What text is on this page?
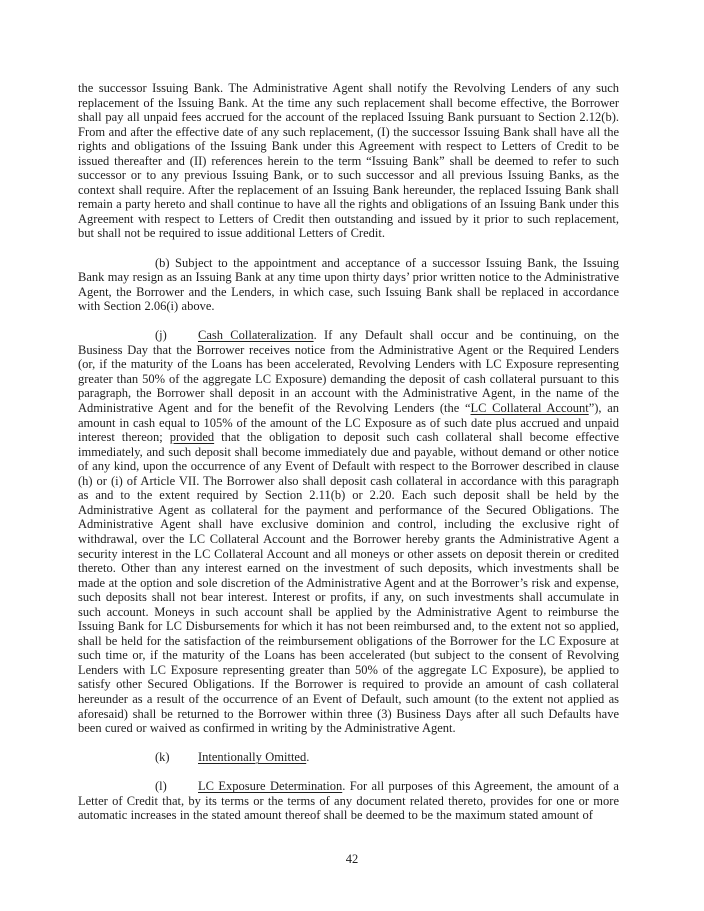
the successor Issuing Bank. The Administrative Agent shall notify the Revolving Lenders of any such replacement of the Issuing Bank. At the time any such replacement shall become effective, the Borrower shall pay all unpaid fees accrued for the account of the replaced Issuing Bank pursuant to Section 2.12(b). From and after the effective date of any such replacement, (I) the successor Issuing Bank shall have all the rights and obligations of the Issuing Bank under this Agreement with respect to Letters of Credit to be issued thereafter and (II) references herein to the term “Issuing Bank” shall be deemed to refer to such successor or to any previous Issuing Bank, or to such successor and all previous Issuing Banks, as the context shall require. After the replacement of an Issuing Bank hereunder, the replaced Issuing Bank shall remain a party hereto and shall continue to have all the rights and obligations of an Issuing Bank under this Agreement with respect to Letters of Credit then outstanding and issued by it prior to such replacement, but shall not be required to issue additional Letters of Credit.

(b) Subject to the appointment and acceptance of a successor Issuing Bank, the Issuing Bank may resign as an Issuing Bank at any time upon thirty days’ prior written notice to the Administrative Agent, the Borrower and the Lenders, in which case, such Issuing Bank shall be replaced in accordance with Section 2.06(i) above.

(j) Cash Collateralization. If any Default shall occur and be continuing, on the Business Day that the Borrower receives notice from the Administrative Agent or the Required Lenders (or, if the maturity of the Loans has been accelerated, Revolving Lenders with LC Exposure representing greater than 50% of the aggregate LC Exposure) demanding the deposit of cash collateral pursuant to this paragraph, the Borrower shall deposit in an account with the Administrative Agent, in the name of the Administrative Agent and for the benefit of the Revolving Lenders (the “LC Collateral Account”), an amount in cash equal to 105% of the amount of the LC Exposure as of such date plus accrued and unpaid interest thereon; provided that the obligation to deposit such cash collateral shall become effective immediately, and such deposit shall become immediately due and payable, without demand or other notice of any kind, upon the occurrence of any Event of Default with respect to the Borrower described in clause (h) or (i) of Article VII. The Borrower also shall deposit cash collateral in accordance with this paragraph as and to the extent required by Section 2.11(b) or 2.20. Each such deposit shall be held by the Administrative Agent as collateral for the payment and performance of the Secured Obligations. The Administrative Agent shall have exclusive dominion and control, including the exclusive right of withdrawal, over the LC Collateral Account and the Borrower hereby grants the Administrative Agent a security interest in the LC Collateral Account and all moneys or other assets on deposit therein or credited thereto. Other than any interest earned on the investment of such deposits, which investments shall be made at the option and sole discretion of the Administrative Agent and at the Borrower’s risk and expense, such deposits shall not bear interest. Interest or profits, if any, on such investments shall accumulate in such account. Moneys in such account shall be applied by the Administrative Agent to reimburse the Issuing Bank for LC Disbursements for which it has not been reimbursed and, to the extent not so applied, shall be held for the satisfaction of the reimbursement obligations of the Borrower for the LC Exposure at such time or, if the maturity of the Loans has been accelerated (but subject to the consent of Revolving Lenders with LC Exposure representing greater than 50% of the aggregate LC Exposure), be applied to satisfy other Secured Obligations. If the Borrower is required to provide an amount of cash collateral hereunder as a result of the occurrence of an Event of Default, such amount (to the extent not applied as aforesaid) shall be returned to the Borrower within three (3) Business Days after all such Defaults have been cured or waived as confirmed in writing by the Administrative Agent.

(k) Intentionally Omitted.

(l) LC Exposure Determination. For all purposes of this Agreement, the amount of a Letter of Credit that, by its terms or the terms of any document related thereto, provides for one or more automatic increases in the stated amount thereof shall be deemed to be the maximum stated amount of

42
